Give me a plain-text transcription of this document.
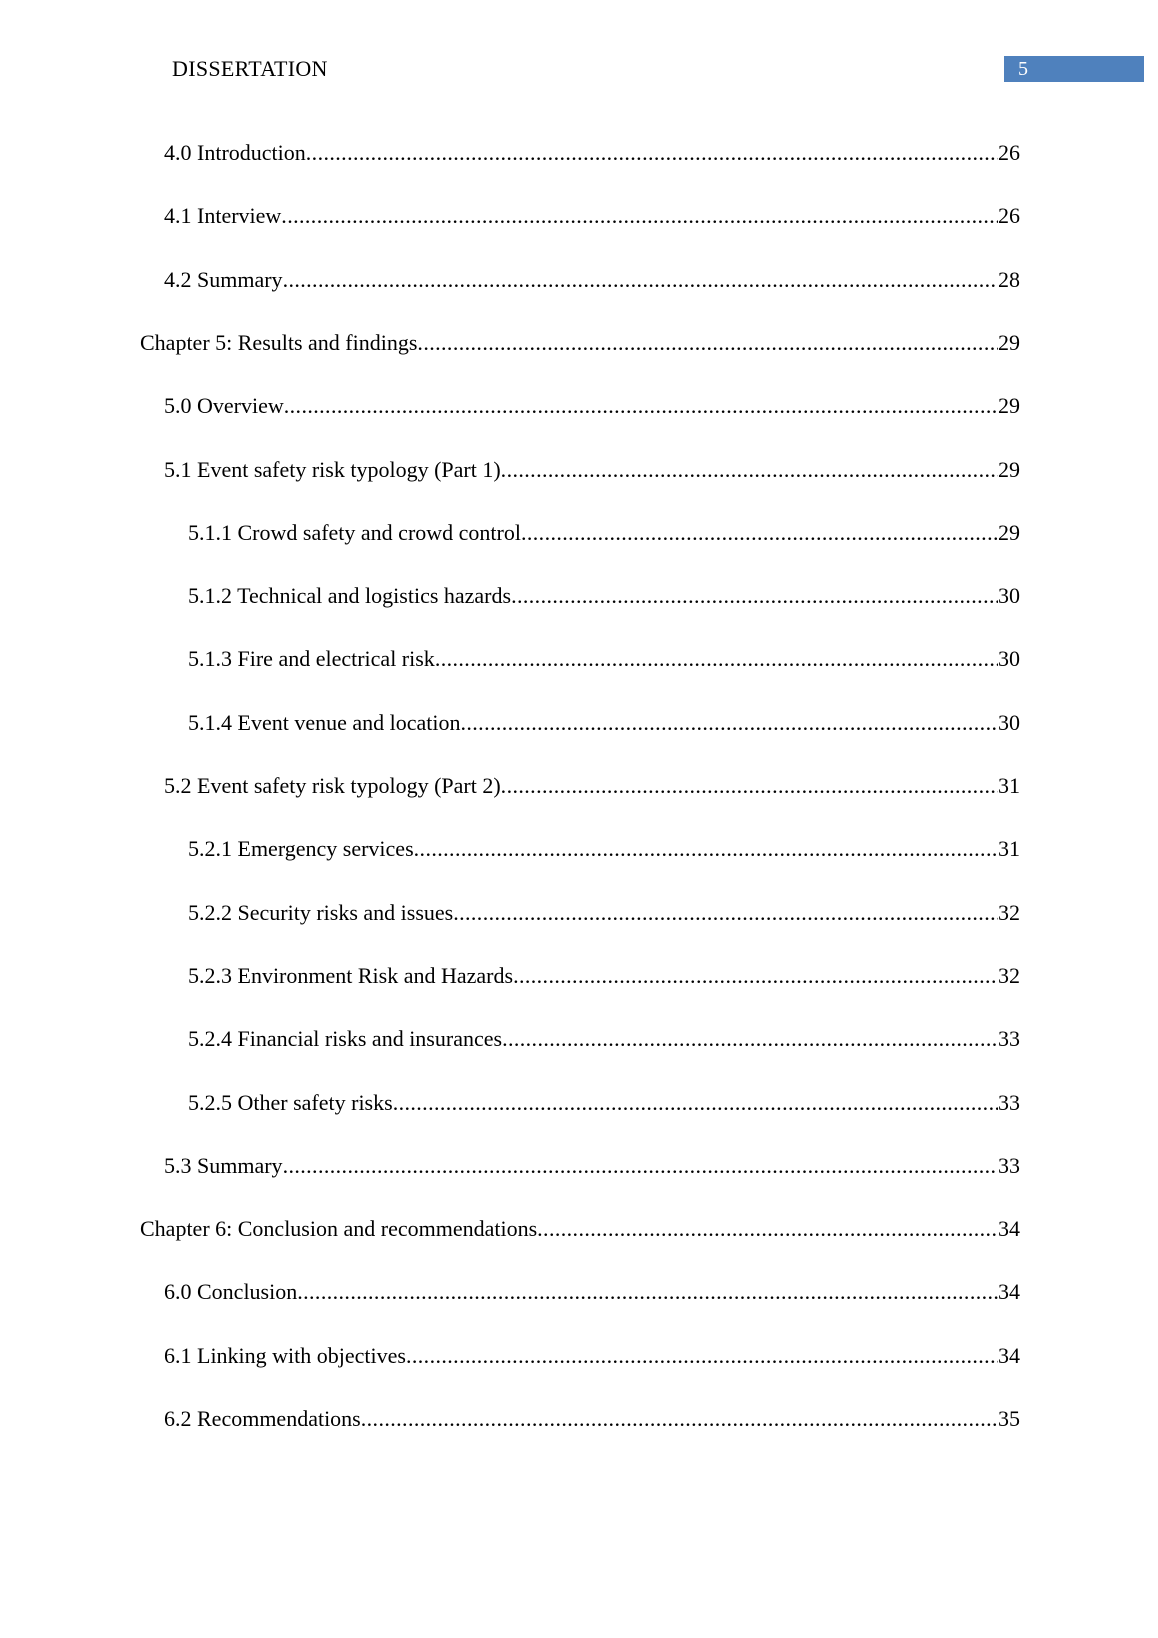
DISSERTATION	5
4.0 Introduction .....	26
4.1 Interview .....	26
4.2 Summary .....	28
Chapter 5: Results and findings .....	29
5.0 Overview .....	29
5.1 Event safety risk typology (Part 1) .....	29
5.1.1 Crowd safety and crowd control .....	29
5.1.2 Technical and logistics hazards .....	30
5.1.3 Fire and electrical risk .....	30
5.1.4 Event venue and location .....	30
5.2 Event safety risk typology (Part 2) .....	31
5.2.1 Emergency services .....	31
5.2.2 Security risks and issues .....	32
5.2.3 Environment Risk and Hazards .....	32
5.2.4 Financial risks and insurances .....	33
5.2.5 Other safety risks .....	33
5.3 Summary .....	33
Chapter 6: Conclusion and recommendations .....	34
6.0 Conclusion .....	34
6.1 Linking with objectives .....	34
6.2 Recommendations .....	35
